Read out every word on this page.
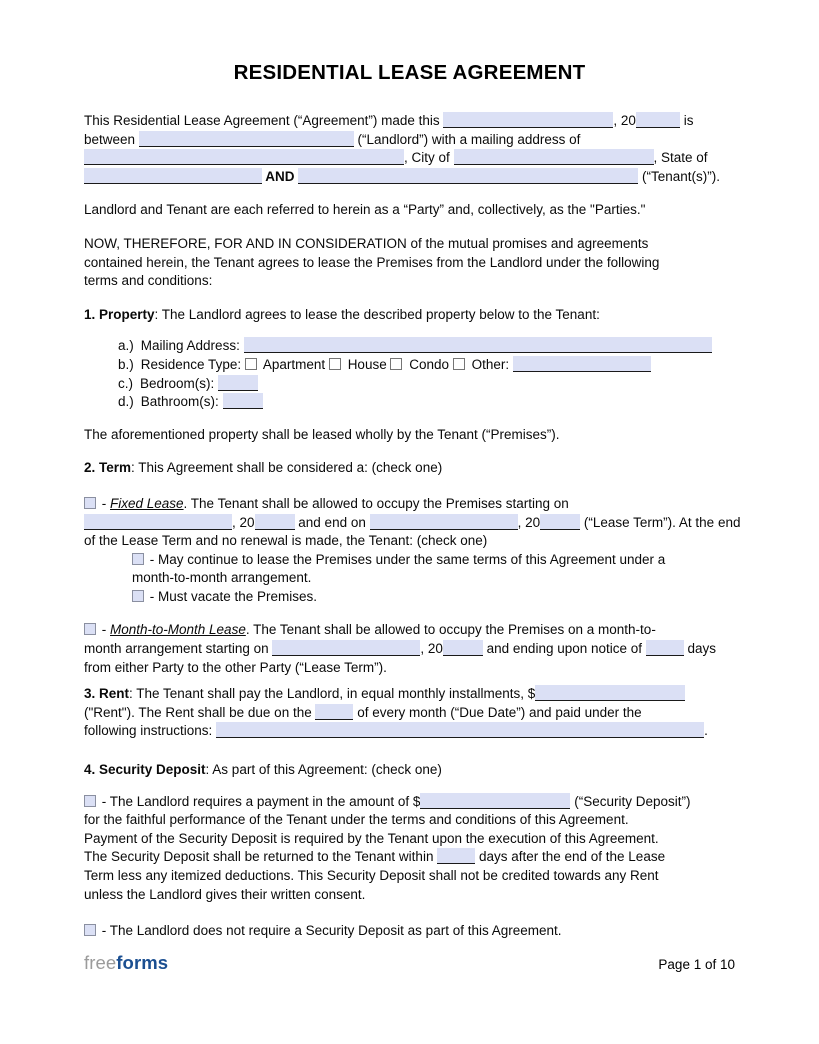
RESIDENTIAL LEASE AGREEMENT
This Residential Lease Agreement (“Agreement”) made this	, 20	is
between	(“Landlord”) with a mailing address of
, City of	, State of
AND	(“Tenant(s)”).
Landlord and Tenant are each referred to herein as a “Party” and, collectively, as the "Parties."
NOW, THEREFORE, FOR AND IN CONSIDERATION of the mutual promises and agreements
contained herein, the Tenant agrees to lease the Premises from the Landlord under the following
terms and conditions:
1. Property: The Landlord agrees to lease the described property below to the Tenant:
a.) Mailing Address:
b.) Residence Type: Apartment House Condo Other:
c.) Bedroom(s):
d.) Bathroom(s):
The aforementioned property shall be leased wholly by the Tenant (“Premises”).
2. Term: This Agreement shall be considered a: (check one)
- Fixed Lease. The Tenant shall be allowed to occupy the Premises starting on
, 20	and end on	, 20	(“Lease Term”). At the end
of the Lease Term and no renewal is made, the Tenant: (check one)
- May continue to lease the Premises under the same terms of this Agreement under a
month-to-month arrangement.
- Must vacate the Premises.
- Month-to-Month Lease. The Tenant shall be allowed to occupy the Premises on a month-to-
month arrangement starting on	, 20	and ending upon notice of	days
from either Party to the other Party (“Lease Term”).
3. Rent: The Tenant shall pay the Landlord, in equal monthly installments, $
("Rent"). The Rent shall be due on the	of every month (“Due Date”) and paid under the
following instructions:	.
4. Security Deposit: As part of this Agreement: (check one)
- The Landlord requires a payment in the amount of $	(“Security Deposit”)
for the faithful performance of the Tenant under the terms and conditions of this Agreement.
Payment of the Security Deposit is required by the Tenant upon the execution of this Agreement.
The Security Deposit shall be returned to the Tenant within	days after the end of the Lease
Term less any itemized deductions. This Security Deposit shall not be credited towards any Rent
unless the Landlord gives their written consent.
- The Landlord does not require a Security Deposit as part of this Agreement.
freeforms	Page 1 of 10
